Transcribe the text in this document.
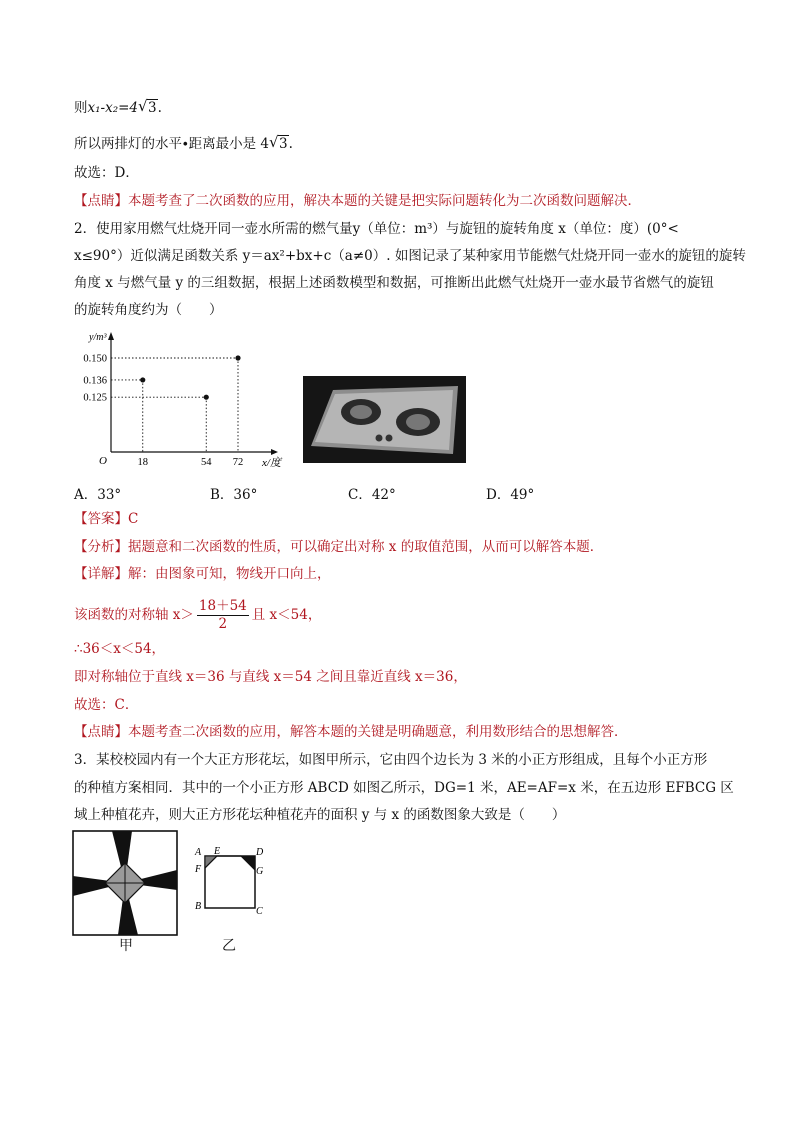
则x₁-x₂=4 √ 3.
所以两排灯的水平∙距离最小是 4 √ 3.
故选：D．
【点睛】本题考查了二次函数的应用，解决本题的关键是把实际问题转化为二次函数问题解决．
2．使用家用燃气灶烧开同一壶水所需的燃气量y（单位：m³）与旋钮的旋转角度 x（单位：度）(0°<
x≤90°）近似满足函数关系 y＝ax²+bx+c（a≠0）. 如图记录了某种家用节能燃气灶烧开同一壶水的旋钮的旋转
角度 x 与燃气量 y 的三组数据，根据上述函数模型和数据，可推断出此燃气灶烧开一壶水最节省燃气的旋钮
的旋转角度约为（　　）
y/m³
x/度
O	18	54 72
0.150
0.136
0.125
A．33°	B．36°	C．42°	D．49°
【答案】C
【分析】据题意和二次函数的性质，可以确定出对称 x 的取值范围，从而可以解答本题．
【详解】解：由图象可知，物线开口向上，
该函数的对称轴 $x> \frac{18+54}{2}$ 且 x＜54，
∴36＜x＜54，
即对称轴位于直线 x＝36 与直线 x＝54 之间且靠近直线 x＝36，
故选：C．
【点睛】本题考查二次函数的应用，解答本题的关键是明确题意，利用数形结合的思想解答．
3．某校校园内有一个大正方形花坛，如图甲所示，它由四个边长为 3 米的小正方形组成，且每个小正方形
的种植方案相同．其中的一个小正方形 ABCD 如图乙所示，DG=1 米，AE=AF=x 米，在五边形 EFBCG 区
域上种植花卉，则大正方形花坛种植花卉的面积 y 与 x 的函数图象大致是（　　）
甲
A E	D
F	G
B	C
乙
